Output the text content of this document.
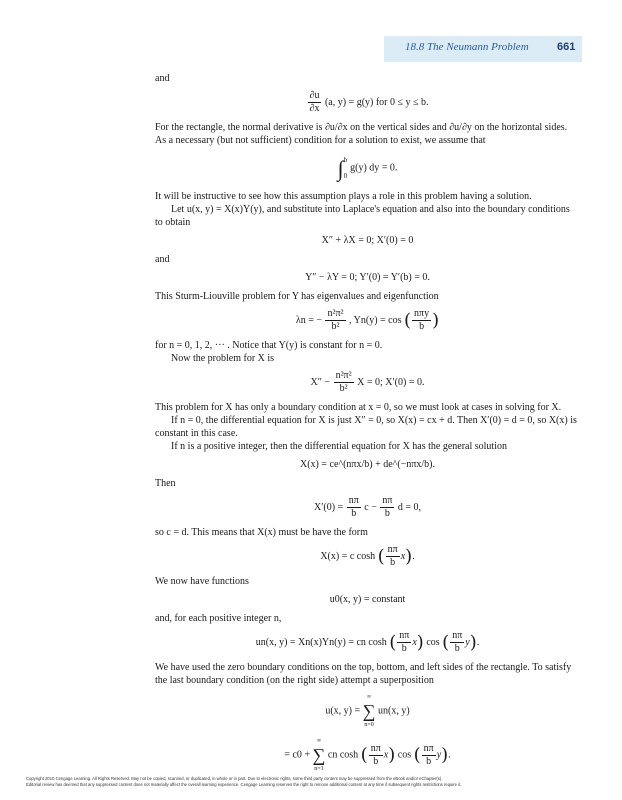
18.8 The Neumann Problem	661

and

$\frac{\partial u}{\partial x} (a$, y) = g(y) for 0 ≤ y ≤ b.

For the rectangle, the normal derivative is ∂u/∂x on the vertical sides and ∂u/∂y on the horizontal sides. As a necessary (but not sufficient) condition for a solution to exist, we assume that

∫ b
0
g(y) dy = 0.

It will be instructive to see how this assumption plays a role in this problem having a solution.

Let u(x, y) = X(x)Y(y), and substitute into Laplace's equation and also into the boundary conditions to obtain

X″ + λX = 0; X′(0) = 0

and

Y″ − λY = 0; Y′(0) = Y′(b) = 0.

This Sturm-Liouville problem for Y has eigenvalues and eigenfunction

λn = − $\frac{\text{n²π²}}{\text{b²}}$ , Yn(y) = cos ( $\frac{\text{nπy}}{b}$ )

for n = 0, 1, 2, ··· . Notice that Y(y) is constant for n = 0.

Now the problem for X is

$X'' - \frac{\text{n²π²}}{\text{b²}}$ X = 0; X′(0) = 0.

This problem for X has only a boundary condition at x = 0, so we must look at cases in solving for X.

If n = 0, the differential equation for X is just X″ = 0, so X(x) = cx + d. Then X′(0) = d = 0, so X(x) is constant in this case.

If n is a positive integer, then the differential equation for X has the general solution

X(x) = ce^(nπx/b) + de^(−nπx/b).

Then

$X'(0) = \frac{n\pi}{b}$ $c - \frac{n\pi}{b}$ d = 0,

so c = d. This means that X(x) must be have the form

X(x) = c cosh ( $\frac{n\pi}{b} x$).

We now have functions

u0(x, y) = constant

and, for each positive integer n,

un(x, y) = Xn(x)Yn(y) = cn cosh ( $\frac{n\pi}{b} x$) cos ( $\frac{n\pi}{b} y$).

We have used the zero boundary conditions on the top, bottom, and left sides of the rectangle. To satisfy the last boundary condition (on the right side) attempt a superposition

u(x, y) =
∞
∑
n=0
un(x, y)
= c0 +
∞
∑
n=1
cn cosh ( $\frac{n\pi}{b} x$) cos ( $\frac{n\pi}{b} y$).
Copyright 2010 Cengage Learning. All Rights Reserved. May not be copied, scanned, or duplicated, in whole or in part. Due to electronic rights, some third party content may be suppressed from the eBook and/or eChapter(s).
Editorial review has deemed that any suppressed content does not materially affect the overall learning experience. Cengage Learning reserves the right to remove additional content at any time if subsequent rights restrictions require it.
